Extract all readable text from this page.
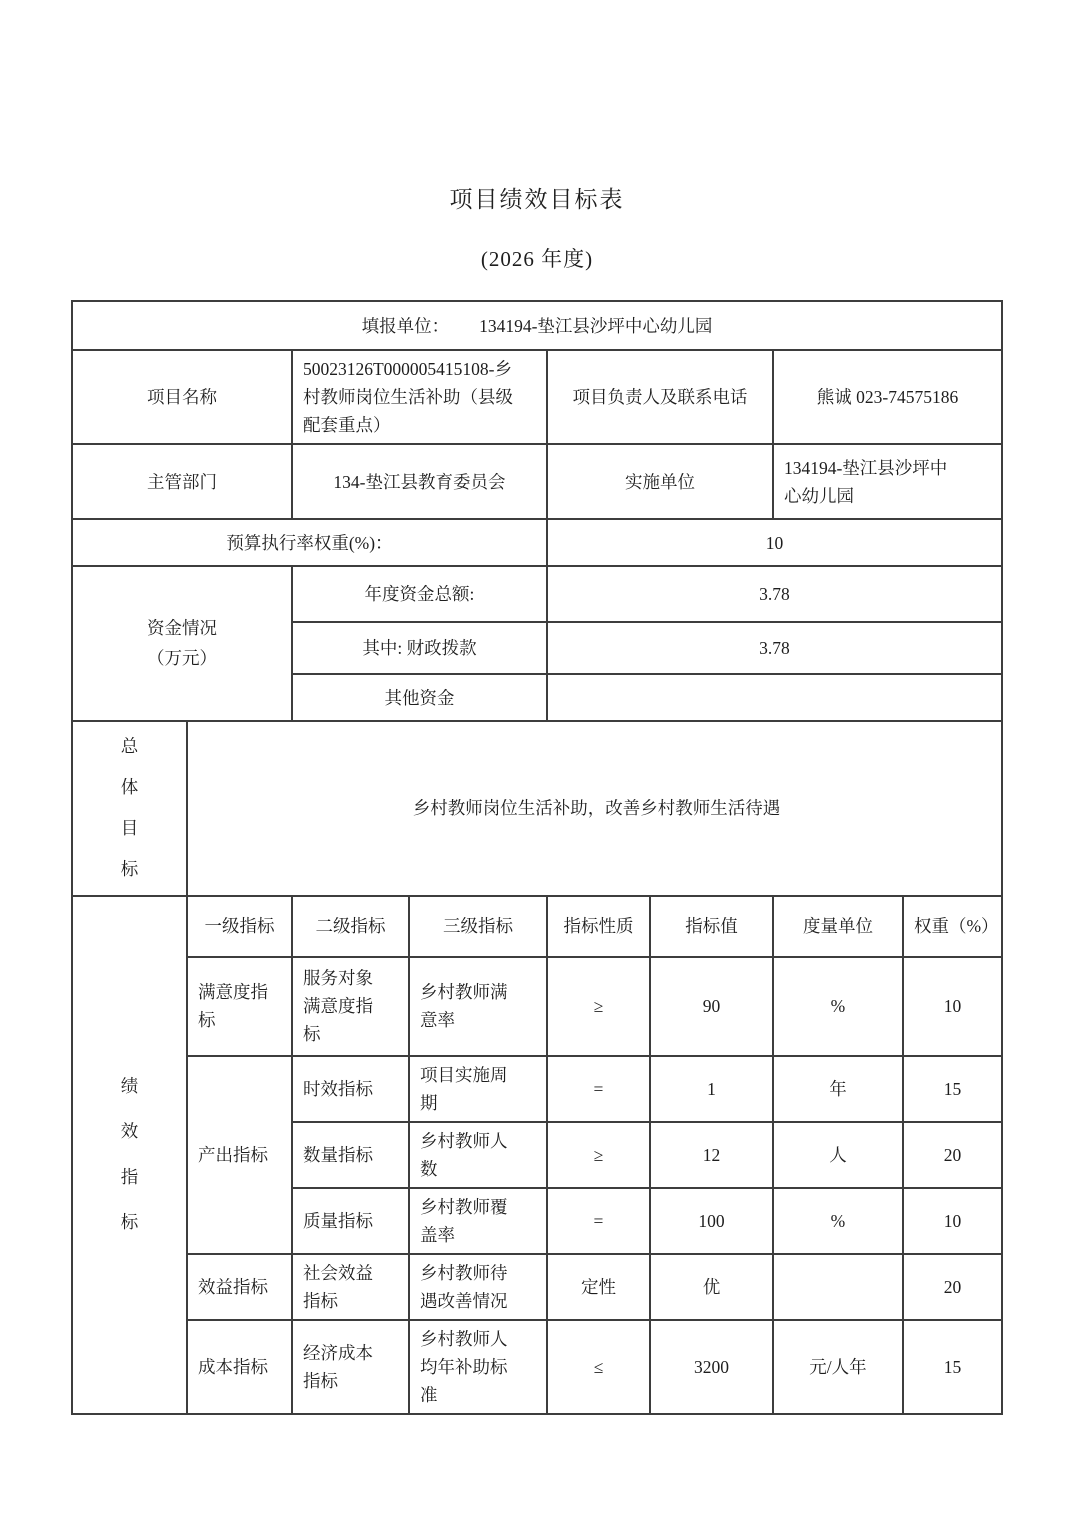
项目绩效目标表
(2026 年度)
填报单位： 134194-垫江县沙坪中心幼儿园							
项目名称		50023126T000005415108-乡村教师岗位生活补助（县级配套重点）		项目负责人及联系电话		熊诚 023-74575186	
主管部门		134-垫江县教育委员会		实施单位		134194-垫江县沙坪中心幼儿园	

预算执行率权重(%)：				10			

资金情况
（万元）		年度资金总额:		3.78			
		其中: 财政拨款		3.78			
		其他资金					

总体目标	乡村教师岗位生活补助，改善乡村教师生活待遇						

绩效指标	一级指标	二级指标	三级指标	指标性质	指标值	度量单位	权重（%）

	满意度指标	服务对象满意度指标	乡村教师满意率	≥	90	%	10

	产出指标	时效指标	项目实施周期	=	1	年	15

		数量指标	乡村教师人数	≥	12	人	20

		质量指标	乡村教师覆盖率	=	100	%	10

	效益指标	社会效益指标	乡村教师待遇改善情况	定性	优		20

	成本指标	经济成本指标	乡村教师人均年补助标准	≤	3200	元/人年	15
